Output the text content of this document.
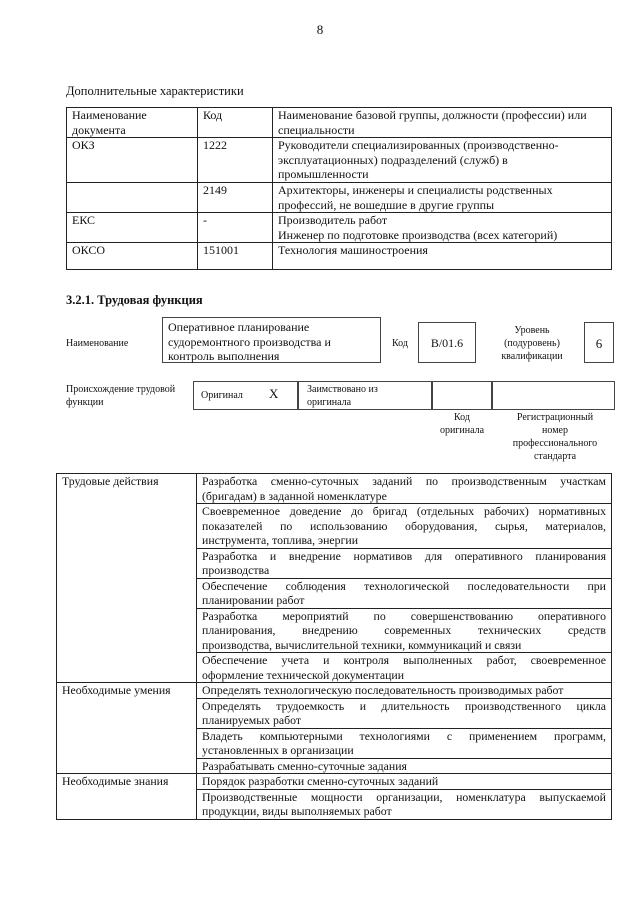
8
Дополнительные характеристики
Наименование документа	Код	Наименование базовой группы, должности (профессии) или специальности
ОКЗ	1222	Руководители специализированных (производственно-
эксплуатационных) подразделений (служб) в
промышленности

	2149	Архитекторы, инженеры и специалисты родственных
профессий, не вошедшие в другие группы

ЕКС	-	Производитель работ
Инженер по подготовке производства (всех категорий)

ОКСО	151001	Технология машиностроения
3.2.1. Трудовая функция
Наименование
Оперативное планирование
судоремонтного производства и
контроль выполнения
Код	В/01.6
Уровень
(подуровень)
квалификации
6
Происхождение трудовой
функции
Оригинал X	Заимствовано из
оригинала
Код
оригинала
Регистрационный
номер
профессионального
стандарта
Трудовые действия	Разработка сменно-суточных заданий по производственным участкам
(бригадам) в заданной номенклатуре

	Своевременное доведение до бригад (отдельных рабочих) нормативных
показателей по использованию оборудования, сырья, материалов,
инструмента, топлива, энергии

	Разработка и внедрение нормативов для оперативного планирования
производства

	Обеспечение соблюдения технологической последовательности при
планировании работ

	Разработка мероприятий по совершенствованию оперативного
планирования, внедрению современных технических средств
производства, вычислительной техники, коммуникаций и связи

	Обеспечение учета и контроля выполненных работ, своевременное
оформление технической документации

Необходимые умения	Определять технологическую последовательность производимых работ

	Определять трудоемкость и длительность производственного цикла
планируемых работ

	Владеть компьютерными технологиями с применением программ,
установленных в организации

	Разрабатывать сменно-суточные задания

Необходимые знания	Порядок разработки сменно-суточных заданий

	Производственные мощности организации, номенклатура выпускаемой
продукции, виды выполняемых работ
